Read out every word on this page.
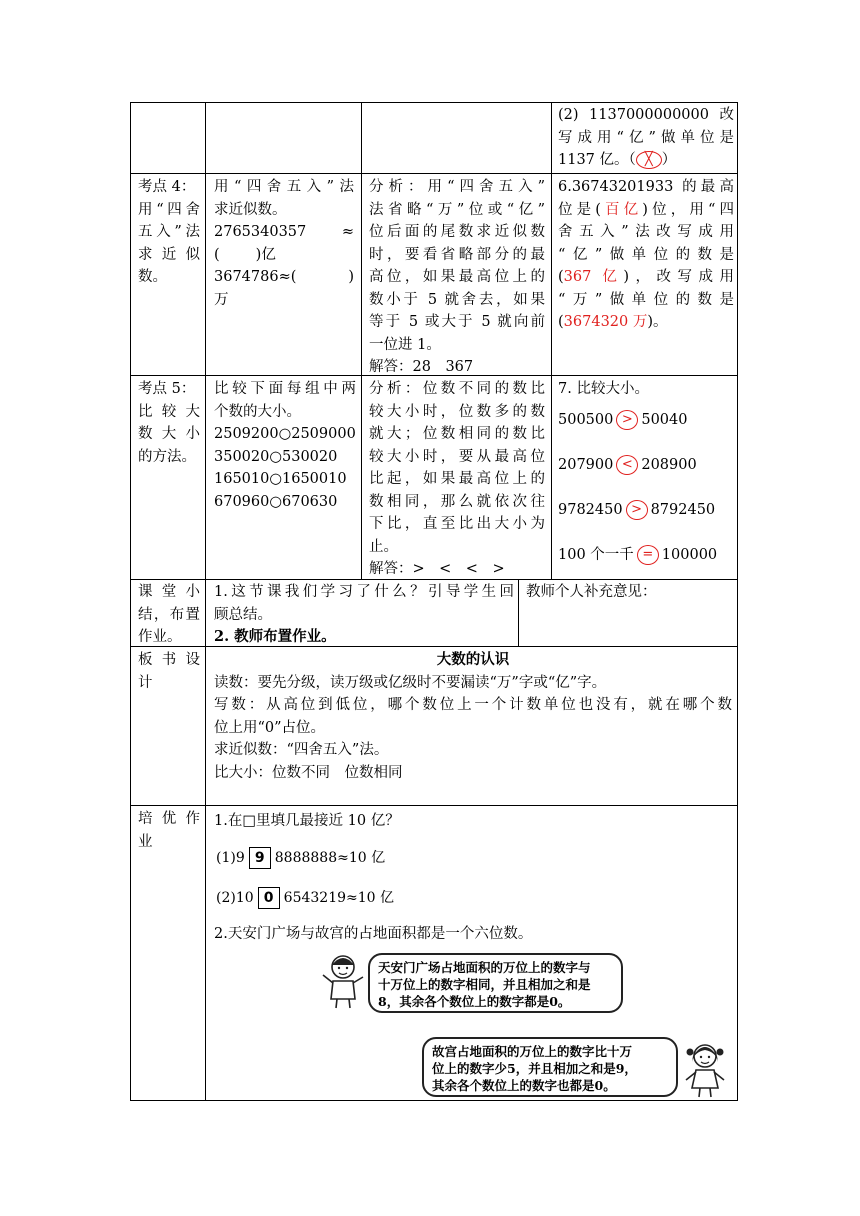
(2) 1137000000000 改

写成用“亿”做单位是

1137 亿。（ ╳ ）

考点 4：

用“四舍

五入”法

求近似

数。

用“四舍五入”法

求近似数。

2765340357 ≈

( )亿

3674786≈(	)

万

分析：用“四舍五入”

法省略“万”位或“亿”

位后面的尾数求近似数

时，要看省略部分的最

高位，如果最高位上的

数小于 5 就舍去，如果

等于 5 或大于 5 就向前

一位进 1。

解答：28　367

6.36743201933 的最高

位是(百亿)位，用“四

舍五入”法改写成用

“亿”做单位的数是

(367 亿)，改写成用

“万”做单位的数是

(3674320 万)。

考点 5：

比较大

数大小

的方法。

比较下面每组中两

个数的大小。

2509200○2509000

350020○530020

165010○1650010

670960○670630

分析：位数不同的数比

较大小时，位数多的数

就大；位数相同的数比

较大小时，要从最高位

比起，如果最高位上的

数相同，那么就依次往

下比，直至比出大小为

止。

解答：>　<　<　>

7. 比较大小。

500500 > 50040
207900 < 208900
9782450 > 8792450
100 个一千 = 100000

课堂小

结，布置

作业。

1.这节课我们学习了什么？引导学生回

顾总结。

2. 教师布置作业。

教师个人补充意见：

板书设

计

大数的认识

读数：要先分级，读万级或亿级时不要漏读“万”字或“亿”字。

写数：从高位到低位，哪个数位上一个计数单位也没有，就在哪个数

位上用“0”占位。

求近似数：“四舍五入”法。

比大小：位数不同　位数相同

培优作

业

1.在□里填几最接近 10 亿？

(1)9 9 8888888≈10 亿
(2)10 0 6543219≈10 亿

2.天安门广场与故宫的占地面积都是一个六位数。

天安门广场占地面积的万位上的数字与
十万位上的数字相同，并且相加之和是
8，其余各个数位上的数字都是0。
故宫占地面积的万位上的数字比十万
位上的数字少5，并且相加之和是9，
其余各个数位上的数字也都是0。
